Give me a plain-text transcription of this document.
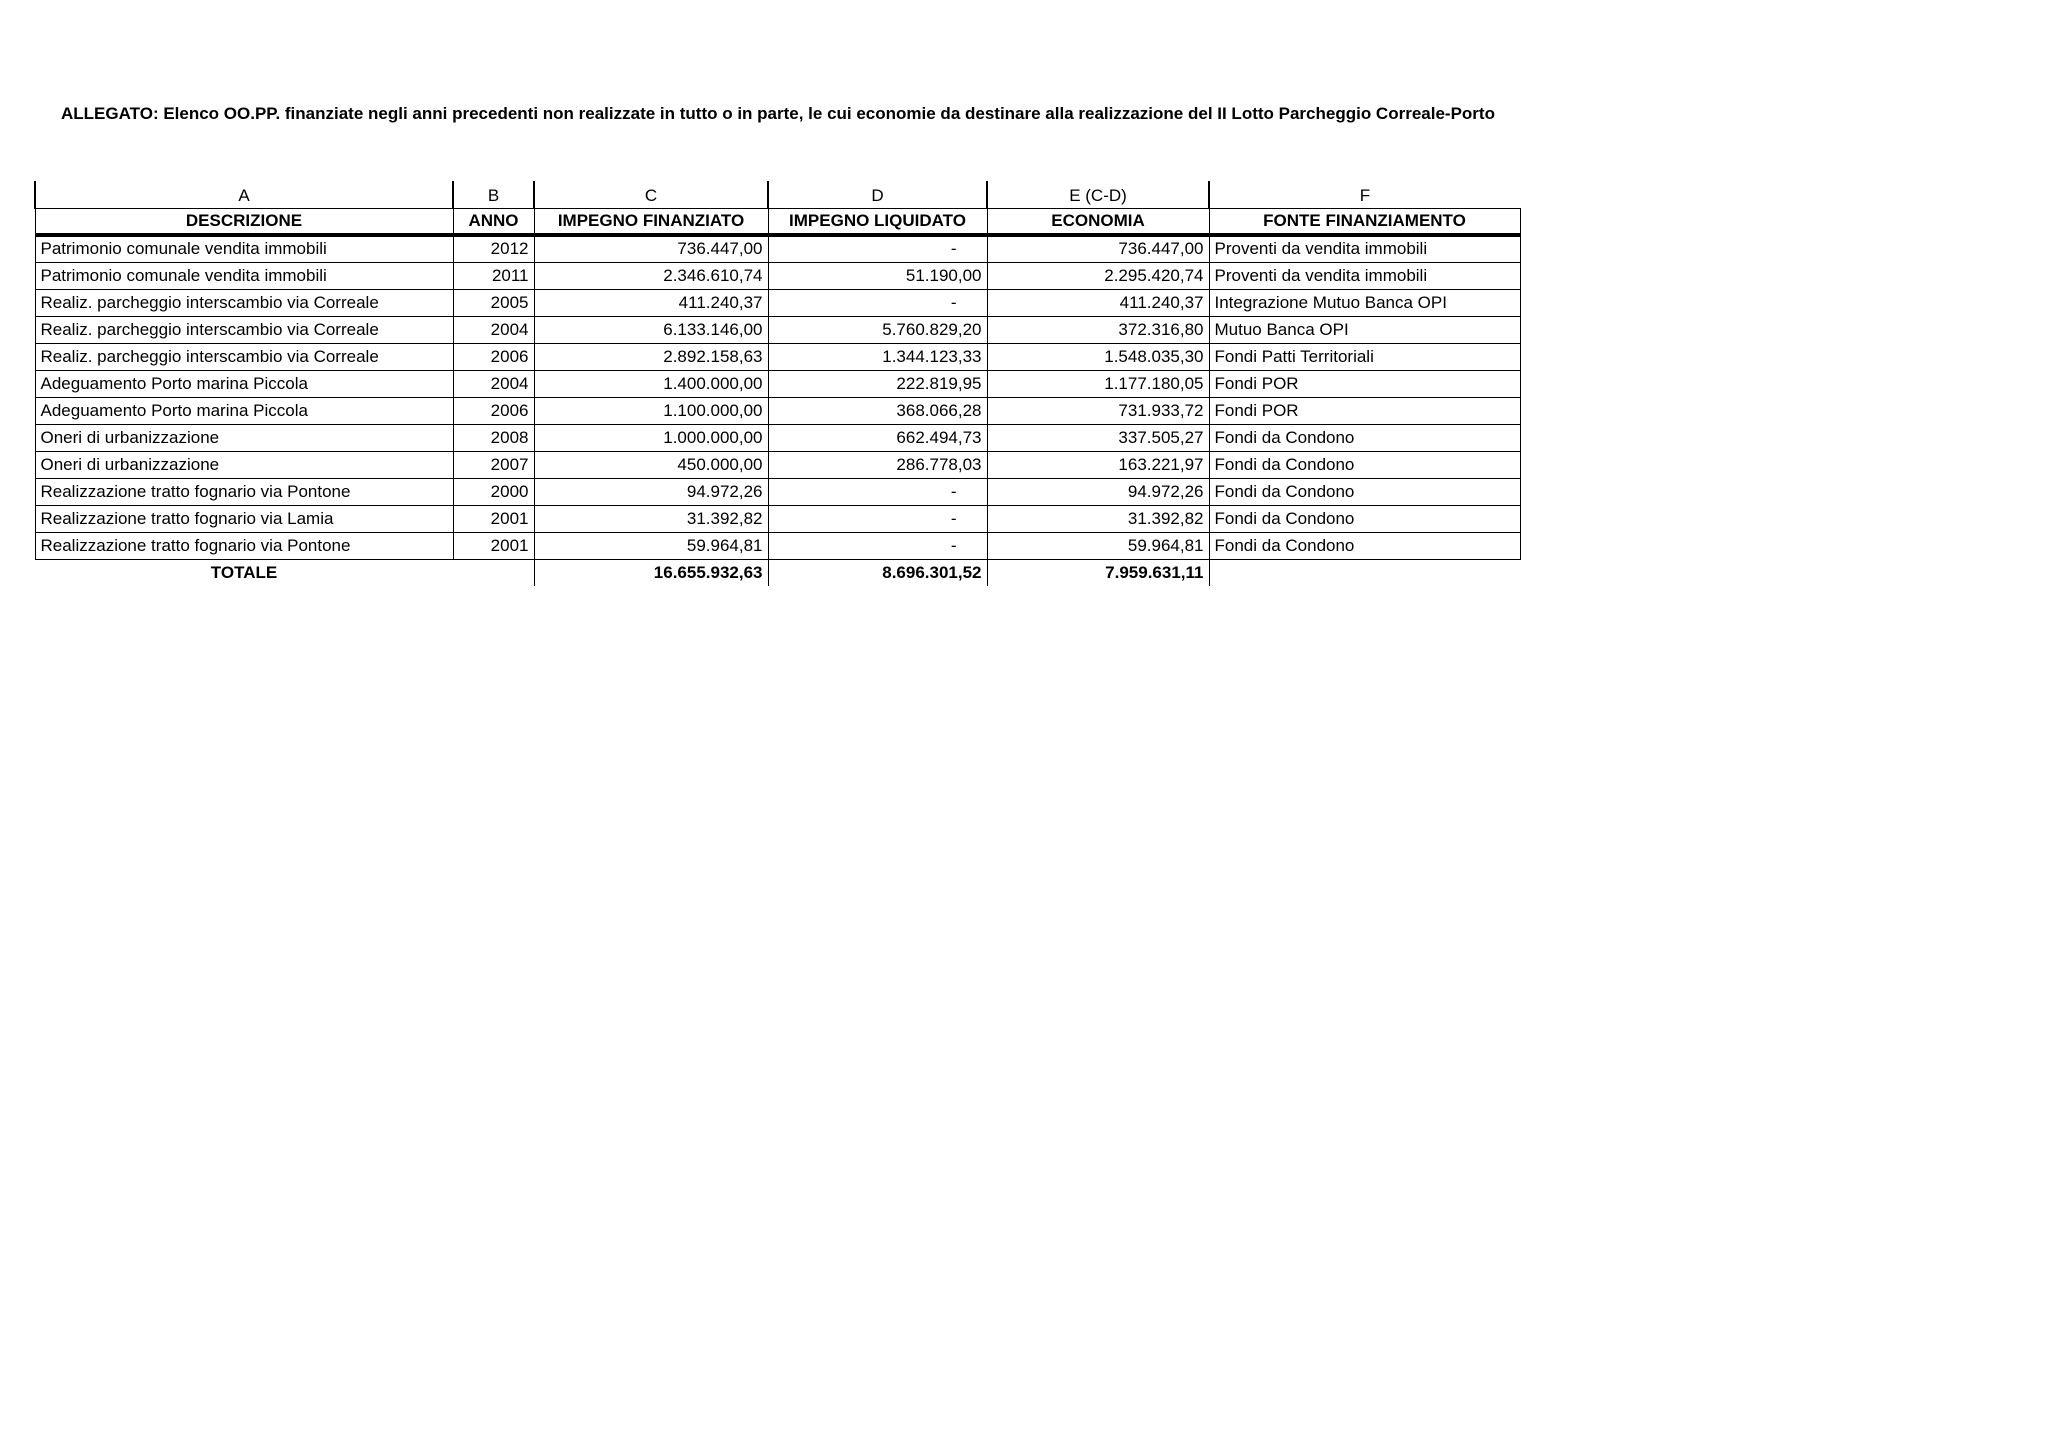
ALLEGATO: Elenco OO.PP. finanziate negli anni precedenti non realizzate in tutto o in parte, le cui economie da destinare alla realizzazione del II Lotto Parcheggio Correale-Porto
A	B	C	D	E (C-D)	F
DESCRIZIONE	ANNO	IMPEGNO FINANZIATO	IMPEGNO LIQUIDATO	ECONOMIA	FONTE FINANZIAMENTO
Patrimonio comunale vendita immobili	2012	736.447,00	-	736.447,00	Proventi da vendita immobili
Patrimonio comunale vendita immobili	2011	2.346.610,74	51.190,00	2.295.420,74	Proventi da vendita immobili
Realiz. parcheggio interscambio via Correale	2005	411.240,37	-	411.240,37	Integrazione Mutuo Banca OPI
Realiz. parcheggio interscambio via Correale	2004	6.133.146,00	5.760.829,20	372.316,80	Mutuo Banca OPI
Realiz. parcheggio interscambio via Correale	2006	2.892.158,63	1.344.123,33	1.548.035,30	Fondi Patti Territoriali
Adeguamento Porto marina Piccola	2004	1.400.000,00	222.819,95	1.177.180,05	Fondi POR
Adeguamento Porto marina Piccola	2006	1.100.000,00	368.066,28	731.933,72	Fondi POR
Oneri di urbanizzazione	2008	1.000.000,00	662.494,73	337.505,27	Fondi da Condono
Oneri di urbanizzazione	2007	450.000,00	286.778,03	163.221,97	Fondi da Condono
Realizzazione tratto fognario via Pontone	2000	94.972,26	-	94.972,26	Fondi da Condono
Realizzazione tratto fognario via Lamia	2001	31.392,82	-	31.392,82	Fondi da Condono
Realizzazione tratto fognario via Pontone	2001	59.964,81	-	59.964,81	Fondi da Condono
TOTALE		16.655.932,63	8.696.301,52	7.959.631,11	
